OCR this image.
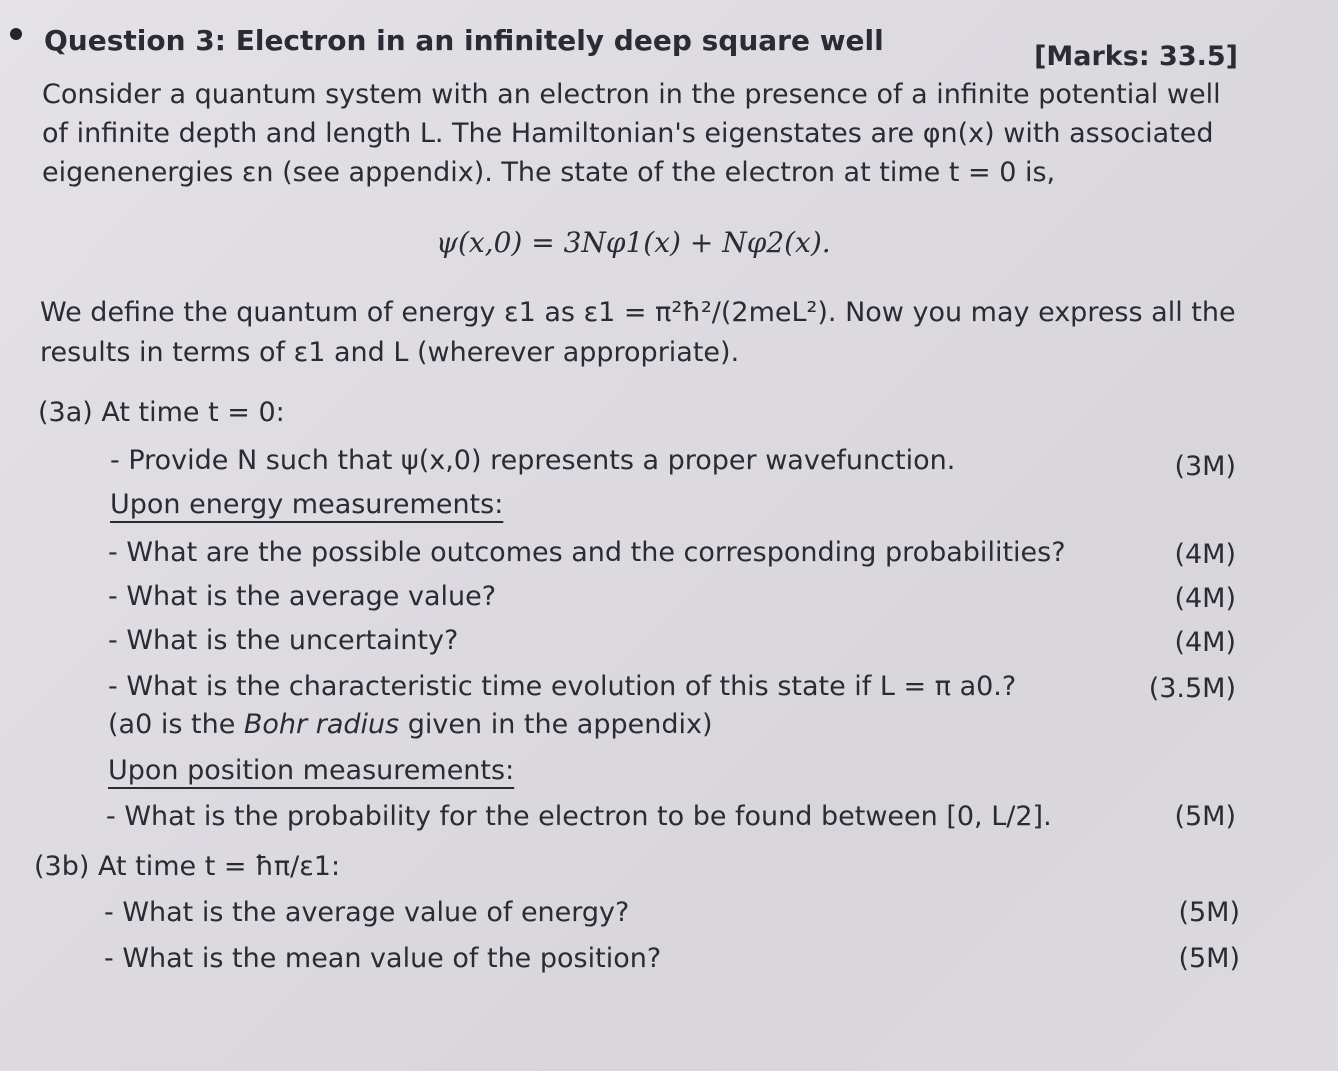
Question 3: Electron in an infinitely deep square well	[Marks: 33.5]
Consider a quantum system with an electron in the presence of a infinite potential well
of infinite depth and length L. The Hamiltonian's eigenstates are φn(x) with associated
eigenenergies εn (see appendix). The state of the electron at time t = 0 is,
ψ(x,0) = 3Nφ1(x) + Nφ2(x).
We define the quantum of energy ε1 as ε1 = π²ħ²/(2meL²). Now you may express all the
results in terms of ε1 and L (wherever appropriate).
(3a) At time t = 0:
- Provide N such that ψ(x,0) represents a proper wavefunction.	(3M)
Upon energy measurements:
- What are the possible outcomes and the corresponding probabilities?	(4M)
- What is the average value?	(4M)
- What is the uncertainty?	(4M)
- What is the characteristic time evolution of this state if L = π a0.?	(3.5M)
(a0 is the Bohr radius given in the appendix)
Upon position measurements:
- What is the probability for the electron to be found between [0, L/2].	(5M)
(3b) At time t = ħπ/ε1:
- What is the average value of energy?	(5M)
- What is the mean value of the position?	(5M)
